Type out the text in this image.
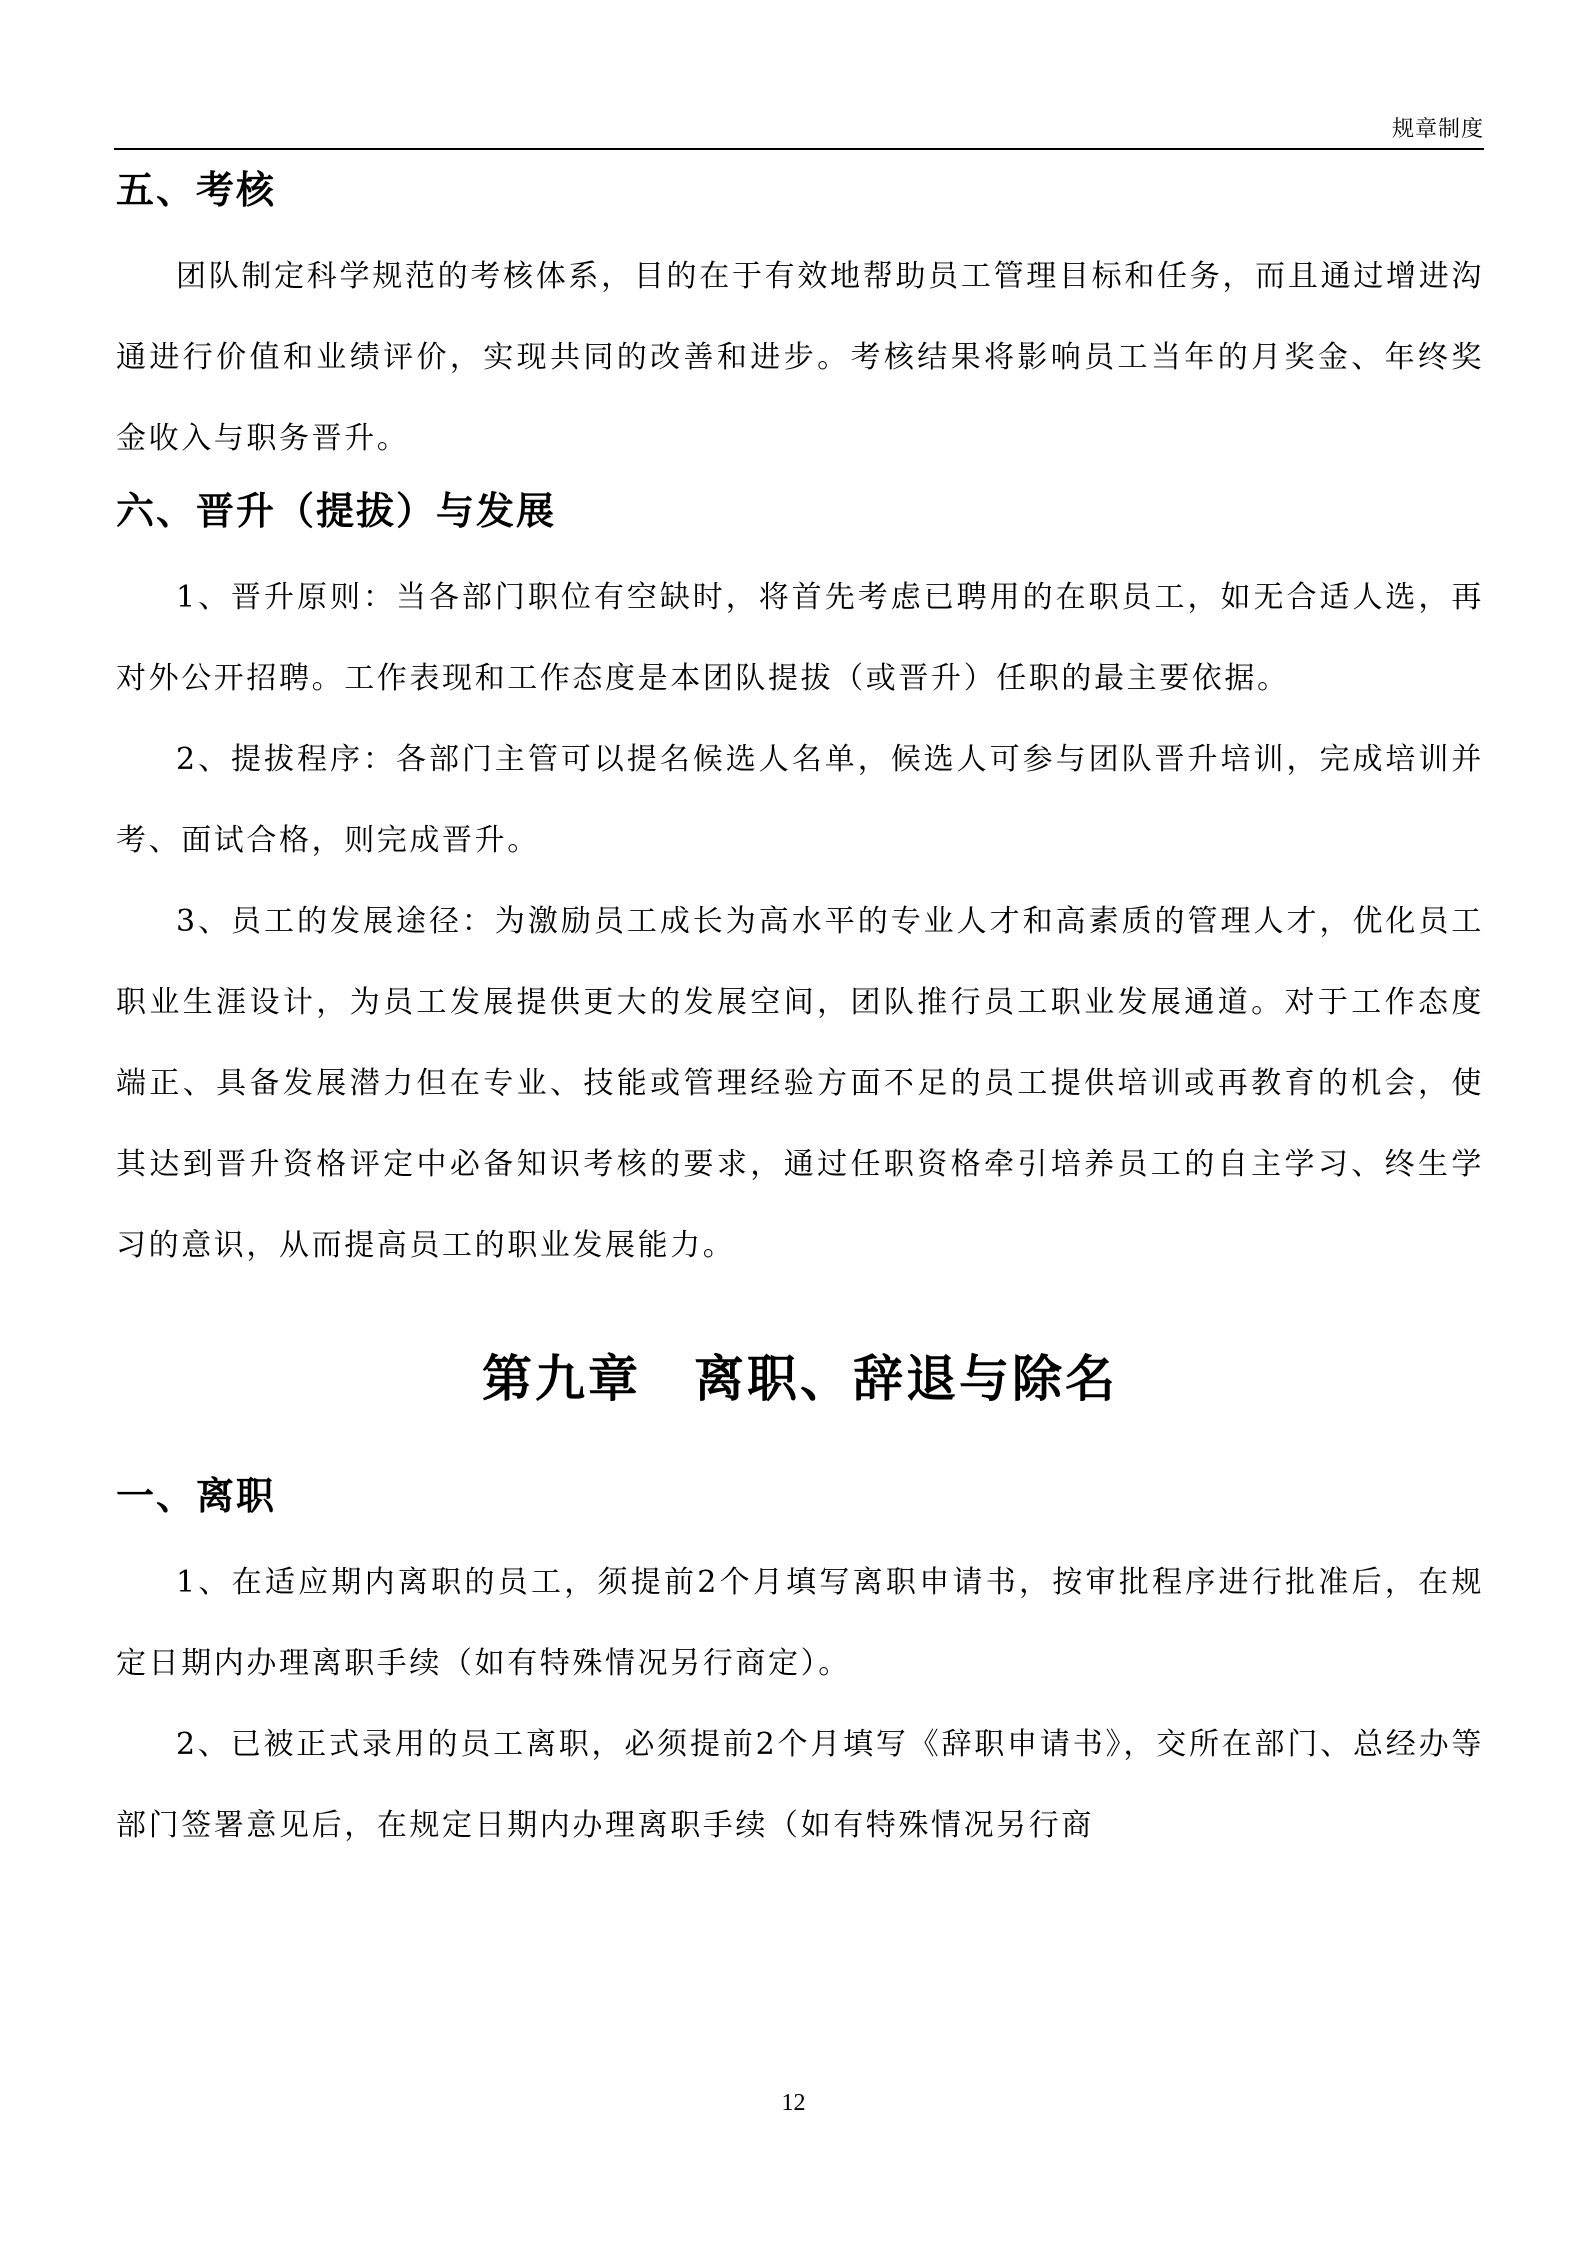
规章制度
五、考核

团队制定科学规范的考核体系，目的在于有效地帮助员工管理目标和任务，而且通过增进沟通进行价值和业绩评价，实现共同的改善和进步。考核结果将影响员工当年的月奖金、年终奖金收入与职务晋升。

六、晋升（提拔）与发展

1、晋升原则：当各部门职位有空缺时，将首先考虑已聘用的在职员工，如无合适人选，再对外公开招聘。工作表现和工作态度是本团队提拔（或晋升）任职的最主要依据。

2、提拔程序：各部门主管可以提名候选人名单，候选人可参与团队晋升培训，完成培训并考、面试合格，则完成晋升。

3、员工的发展途径：为激励员工成长为高水平的专业人才和高素质的管理人才，优化员工职业生涯设计，为员工发展提供更大的发展空间，团队推行员工职业发展通道。对于工作态度端正、具备发展潜力但在专业、技能或管理经验方面不足的员工提供培训或再教育的机会，使其达到晋升资格评定中必备知识考核的要求，通过任职资格牵引培养员工的自主学习、终生学习的意识，从而提高员工的职业发展能力。

第九章　离职、辞退与除名
一、离职

1、在适应期内离职的员工，须提前2个月填写离职申请书，按审批程序进行批准后，在规定日期内办理离职手续（如有特殊情况另行商定）。

2、已被正式录用的员工离职，必须提前2个月填写《辞职申请书》，交所在部门、总经办等部门签署意见后，在规定日期内办理离职手续（如有特殊情况另行商

12
